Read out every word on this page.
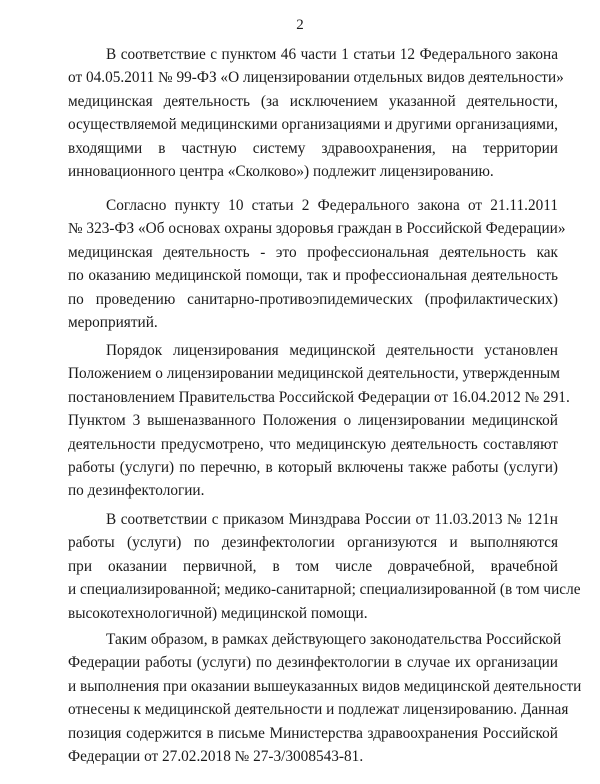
2

В соответствие с пунктом 46 части 1 статьи 12 Федерального закона
от 04.05.2011 № 99-ФЗ «О лицензировании отдельных видов деятельности»
медицинская деятельность (за исключением указанной деятельности,
осуществляемой медицинскими организациями и другими организациями,
входящими в частную систему здравоохранения, на территории
инновационного центра «Сколково») подлежит лицензированию.

Согласно пункту 10 статьи 2 Федерального закона от 21.11.2011
№ 323-ФЗ «Об основах охраны здоровья граждан в Российской Федерации»
медицинская деятельность - это профессиональная деятельность как
по оказанию медицинской помощи, так и профессиональная деятельность
по проведению санитарно-противоэпидемических (профилактических)
мероприятий.

Порядок лицензирования медицинской деятельности установлен
Положением о лицензировании медицинской деятельности, утвержденным
постановлением Правительства Российской Федерации от 16.04.2012 № 291.
Пунктом 3 вышеназванного Положения о лицензировании медицинской
деятельности предусмотрено, что медицинскую деятельность составляют
работы (услуги) по перечню, в который включены также работы (услуги)
по дезинфектологии.

В соответствии с приказом Минздрава России от 11.03.2013 № 121н
работы (услуги) по дезинфектологии организуются и выполняются
при оказании первичной, в том числе доврачебной, врачебной
и специализированной; медико-санитарной; специализированной (в том числе
высокотехнологичной) медицинской помощи.

Таким образом, в рамках действующего законодательства Российской
Федерации работы (услуги) по дезинфектологии в случае их организации
и выполнения при оказании вышеуказанных видов медицинской деятельности
отнесены к медицинской деятельности и подлежат лицензированию. Данная
позиция содержится в письме Министерства здравоохранения Российской
Федерации от 27.02.2018 № 27-3/3008543-81.
